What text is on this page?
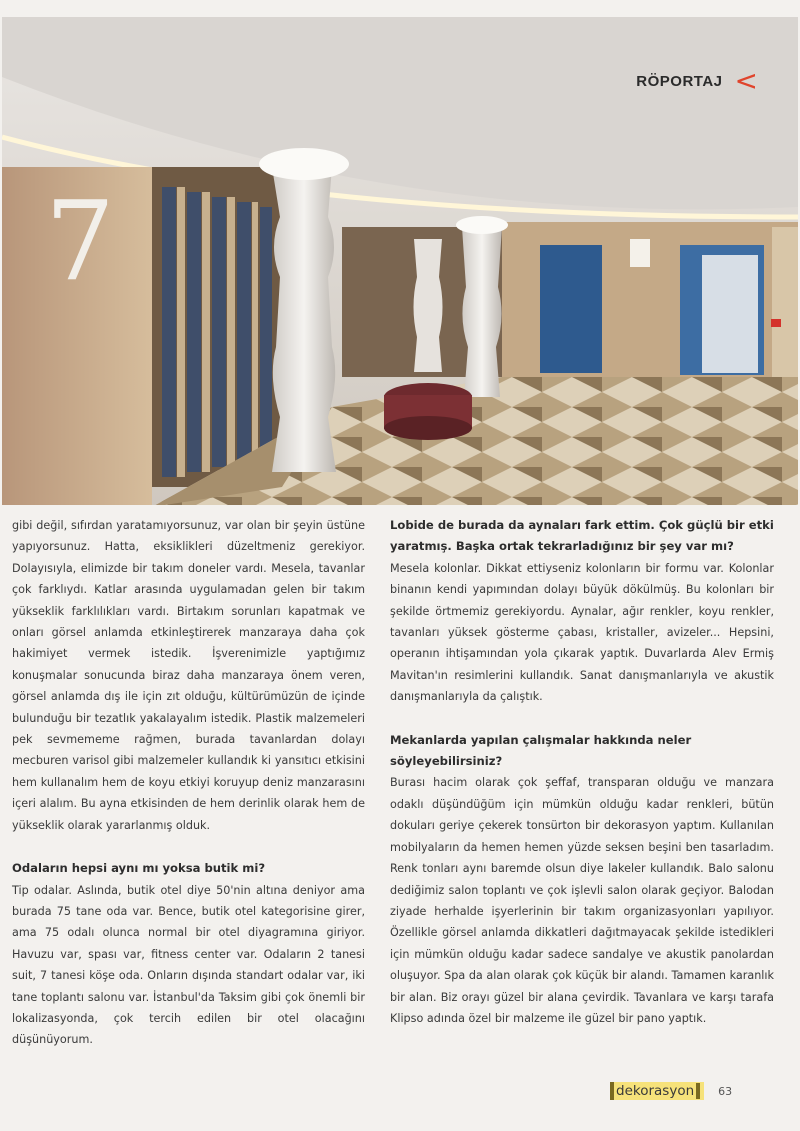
7
RÖPORTAJ <

gibi değil, sıfırdan yaratamıyorsunuz, var olan bir şeyin üstüne yapıyorsunuz. Hatta, eksiklikleri düzeltmeniz gerekiyor. Dolayısıyla, elimizde bir takım doneler vardı. Mesela, tavanlar çok farklıydı. Katlar arasında uygulamadan gelen bir takım yükseklik farklılıkları vardı. Birtakım sorunları kapatmak ve onları görsel anlamda etkinleştirerek manzaraya daha çok hakimiyet vermek istedik. İşverenimizle yaptığımız konuşmalar sonucunda biraz daha manzaraya önem veren, görsel anlamda dış ile için zıt olduğu, kültürümüzün de içinde bulunduğu bir tezatlık yakalayalım istedik. Plastik malzemeleri pek sevmememe rağmen, burada tavanlardan dolayı mecburen varisol gibi malzemeler kullandık ki yansıtıcı etkisini hem kullanalım hem de koyu etkiyi koruyup deniz manzarasını içeri alalım. Bu ayna etkisinden de hem derinlik olarak hem de yükseklik olarak yararlanmış olduk.

Odaların hepsi aynı mı yoksa butik mi?

Tip odalar. Aslında, butik otel diye 50'nin altına deniyor ama burada 75 tane oda var. Bence, butik otel kategorisine girer, ama 75 odalı olunca normal bir otel diyagramına giriyor. Havuzu var, spası var, fitness center var. Odaların 2 tanesi suit, 7 tanesi köşe oda. Onların dışında standart odalar var, iki tane toplantı salonu var. İstanbul'da Taksim gibi çok önemli bir lokalizasyonda, çok tercih edilen bir otel olacağını düşünüyorum.

Lobide de burada da aynaları fark ettim. Çok güçlü bir etki yaratmış. Başka ortak tekrarladığınız bir şey var mı?

Mesela kolonlar. Dikkat ettiyseniz kolonların bir formu var. Kolonlar binanın kendi yapımından dolayı büyük dökülmüş. Bu kolonları bir şekilde örtmemiz gerekiyordu. Aynalar, ağır renkler, koyu renkler, tavanları yüksek gösterme çabası, kristaller, avizeler... Hepsini, operanın ihtişamından yola çıkarak yaptık. Duvarlarda Alev Ermiş Mavitan'ın resimlerini kullandık. Sanat danışmanlarıyla ve akustik danışmanlarıyla da çalıştık.

Mekanlarda yapılan çalışmalar hakkında neler söyleyebilirsiniz?

Burası hacim olarak çok şeffaf, transparan olduğu ve manzara odaklı düşündüğüm için mümkün olduğu kadar renkleri, bütün dokuları geriye çekerek tonsürton bir dekorasyon yaptım. Kullanılan mobilyaların da hemen hemen yüzde seksen beşini ben tasarladım. Renk tonları aynı baremde olsun diye lakeler kullandık. Balo salonu dediğimiz salon toplantı ve çok işlevli salon olarak geçiyor. Balodan ziyade herhalde işyerlerinin bir takım organizasyonları yapılıyor. Özellikle görsel anlamda dikkatleri dağıtmayacak şekilde istedikleri için mümkün olduğu kadar sadece sandalye ve akustik panolardan oluşuyor. Spa da alan olarak çok küçük bir alandı. Tamamen karanlık bir alan. Biz orayı güzel bir alana çevirdik. Tavanlara ve karşı tarafa Klipso adında özel bir malzeme ile güzel bir pano yaptık.

dekorasyon 63
